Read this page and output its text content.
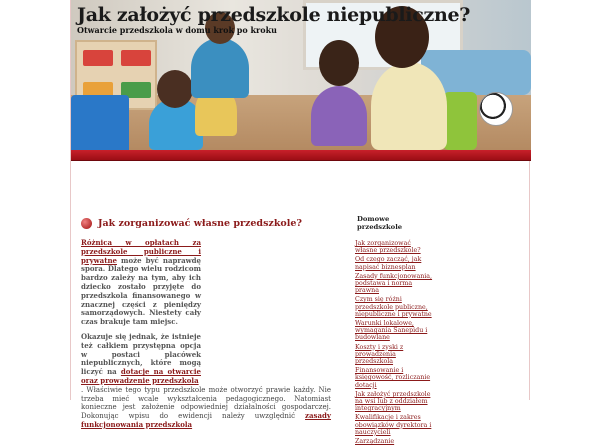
Jak założyć przedszkole niepubliczne?
Otwarcie przedszkola w domu krok po kroku
Jak zorganizować własne przedszkole?

Różnica w opłatach za przedszkole publiczne i prywatne może być naprawdę spora. Dlatego wielu rodzicom bardzo zależy na tym, aby ich dziecko zostało przyjęte do przedszkola finansowanego w znacznej części z pieniędzy samorządowych. Niestety cały czas brakuje tam miejsc.

Okazuje się jednak, że istnieje też całkiem przystępna opcja w postaci placówek niepublicznych, które mogą liczyć na dotacje na otwarcie oraz prowadzenie przedszkola

. Właściwie tego typu przedszkole może otworzyć prawie każdy. Nie trzeba mieć wcale wykształcenia pedagogicznego. Natomiast konieczne jest założenie odpowiedniej działalności gospodarczej. Dokonując wpisu do ewidencji należy uwzględnić zasady funkcjonowania przedszkola

Domowe przedszkole
Jak zorganizować własne przedszkole?
Od czego zacząć, jak napisać biznesplan
Zasady funkcjonowania, podstawa i norma prawna
Czym się różni przedszkole publiczne, niepubliczne i prywatne
Warunki lokalowe, wymagania Sanepidu i budowlane
Koszty i zyski z prowadzenia przedszkola
Finansowanie i księgowość, rozliczanie dotacji
Jak założyć przedszkole na wsi lub z oddziałem integracyjnym
Kwalifikacje i zakres obowiązków dyrektora i nauczycieli
Zarządzanie
